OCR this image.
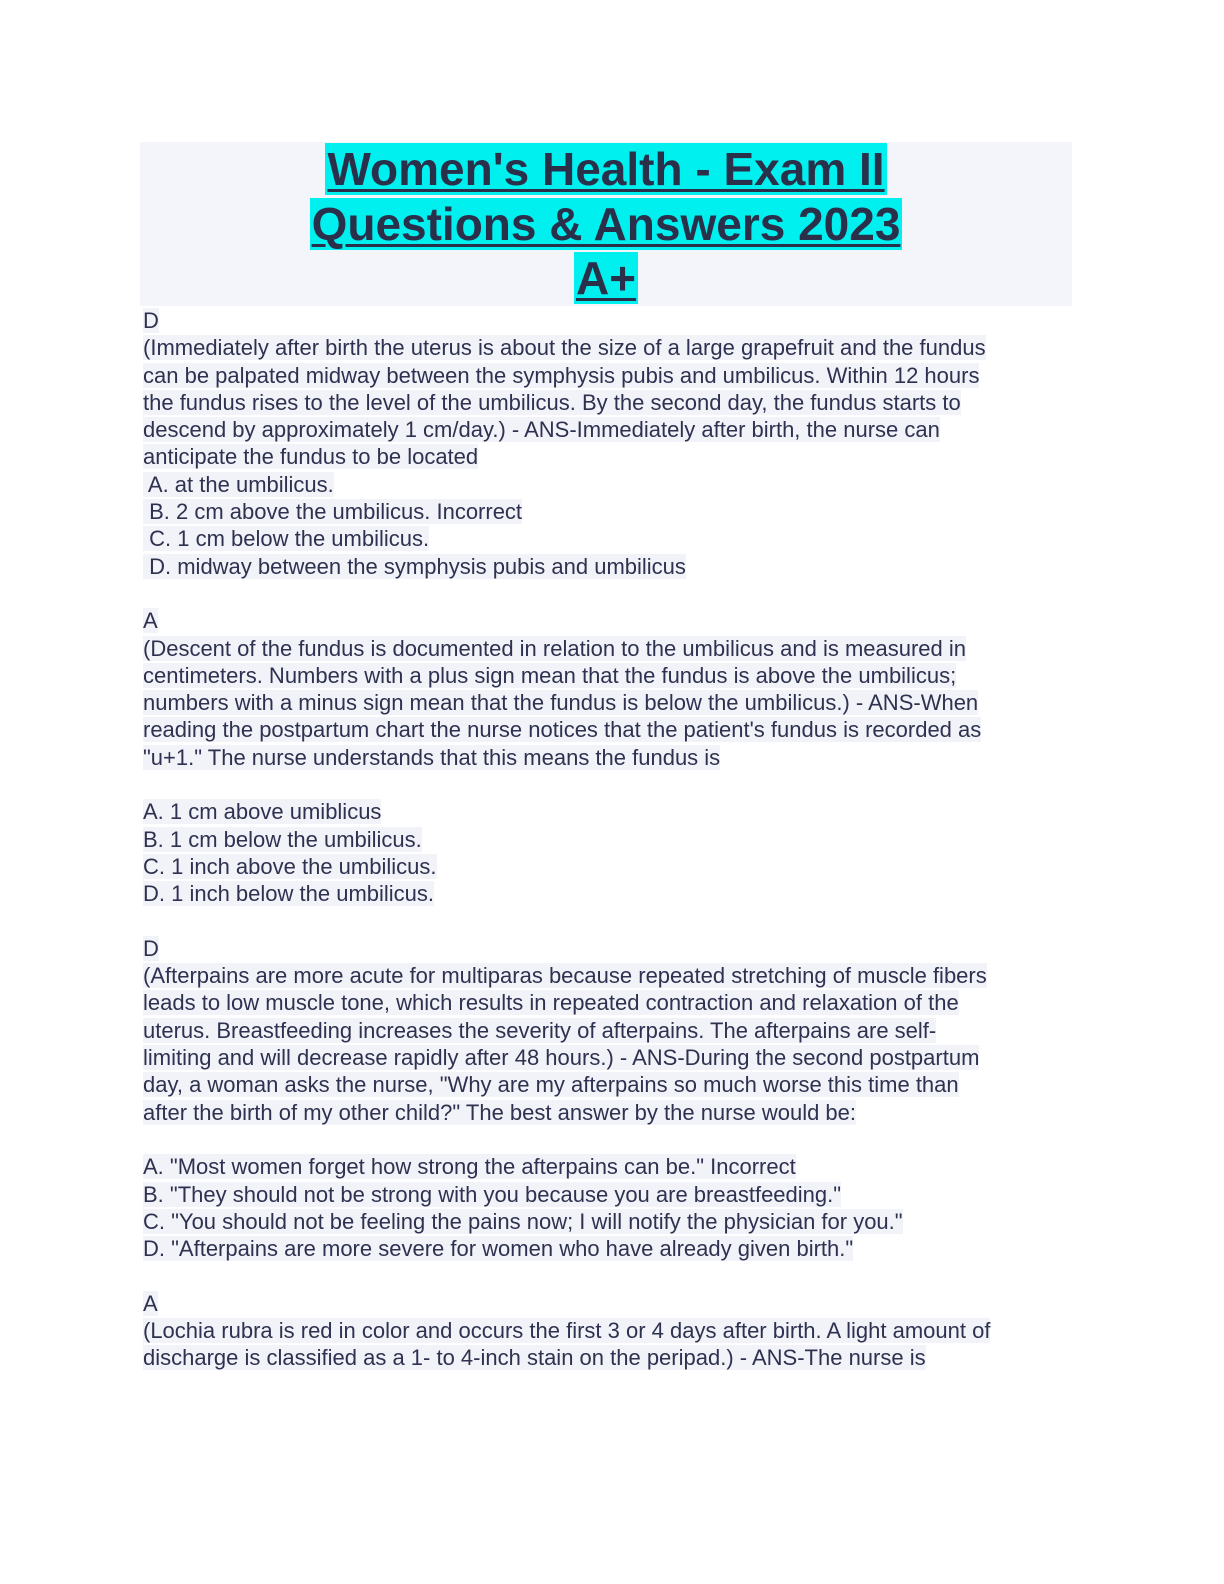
Women's Health - Exam II
Questions & Answers 2023
A+
D
(Immediately after birth the uterus is about the size of a large grapefruit and the fundus
can be palpated midway between the symphysis pubis and umbilicus. Within 12 hours
the fundus rises to the level of the umbilicus. By the second day, the fundus starts to
descend by approximately 1 cm/day.) - ANS-Immediately after birth, the nurse can
anticipate the fundus to be located
A. at the umbilicus.
B. 2 cm above the umbilicus. Incorrect
C. 1 cm below the umbilicus.
D. midway between the symphysis pubis and umbilicus
A
(Descent of the fundus is documented in relation to the umbilicus and is measured in
centimeters. Numbers with a plus sign mean that the fundus is above the umbilicus;
numbers with a minus sign mean that the fundus is below the umbilicus.) - ANS-When
reading the postpartum chart the nurse notices that the patient's fundus is recorded as
"u+1." The nurse understands that this means the fundus is
A. 1 cm above umiblicus
B. 1 cm below the umbilicus.
C. 1 inch above the umbilicus.
D. 1 inch below the umbilicus.
D
(Afterpains are more acute for multiparas because repeated stretching of muscle fibers
leads to low muscle tone, which results in repeated contraction and relaxation of the
uterus. Breastfeeding increases the severity of afterpains. The afterpains are self-
limiting and will decrease rapidly after 48 hours.) - ANS-During the second postpartum
day, a woman asks the nurse, "Why are my afterpains so much worse this time than
after the birth of my other child?" The best answer by the nurse would be:
A. "Most women forget how strong the afterpains can be." Incorrect
B. "They should not be strong with you because you are breastfeeding."
C. "You should not be feeling the pains now; I will notify the physician for you."
D. "Afterpains are more severe for women who have already given birth."
A
(Lochia rubra is red in color and occurs the first 3 or 4 days after birth. A light amount of
discharge is classified as a 1- to 4-inch stain on the peripad.) - ANS-The nurse is
